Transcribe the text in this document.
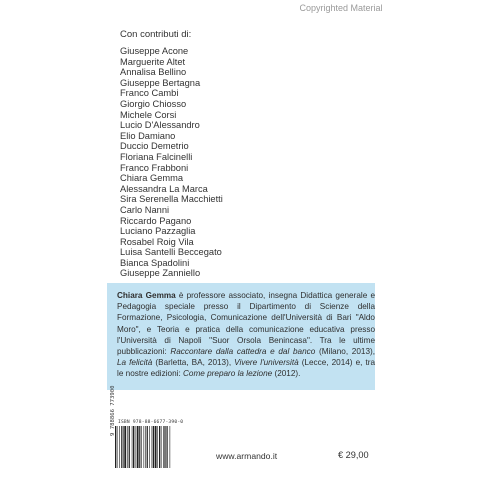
Copyrighted Material
Con contributi di:
Giuseppe Acone
Marguerite Altet
Annalisa Bellino
Giuseppe Bertagna
Franco Cambi
Giorgio Chiosso
Michele Corsi
Lucio D'Alessandro
Elio Damiano
Duccio Demetrio
Floriana Falcinelli
Franco Frabboni
Chiara Gemma
Alessandra La Marca
Sira Serenella Macchietti
Carlo Nanni
Riccardo Pagano
Luciano Pazzaglia
Rosabel Roig Vila
Luisa Santelli Beccegato
Bianca Spadolini
Giuseppe Zanniello
Chiara Gemma è professore associato, insegna Didattica generale e Pedagogia speciale presso il Dipartimento di Scienze della Formazione, Psicologia, Comunicazione dell'Università di Bari "Aldo Moro", e Teoria e pratica della comunicazione educativa presso l'Università di Napoli "Suor Orsola Benincasa". Tra le ultime pubblicazioni: Raccontare dalla cattedra e dal banco (Milano, 2013), La felicità (Barletta, BA, 2013), Vivere l'università (Lecce, 2014) e, tra le nostre edizioni: Come preparo la lezione (2012).
ISBN 978-88-6677-390-0
9 788866 773900
www.armando.it	€ 29,00
